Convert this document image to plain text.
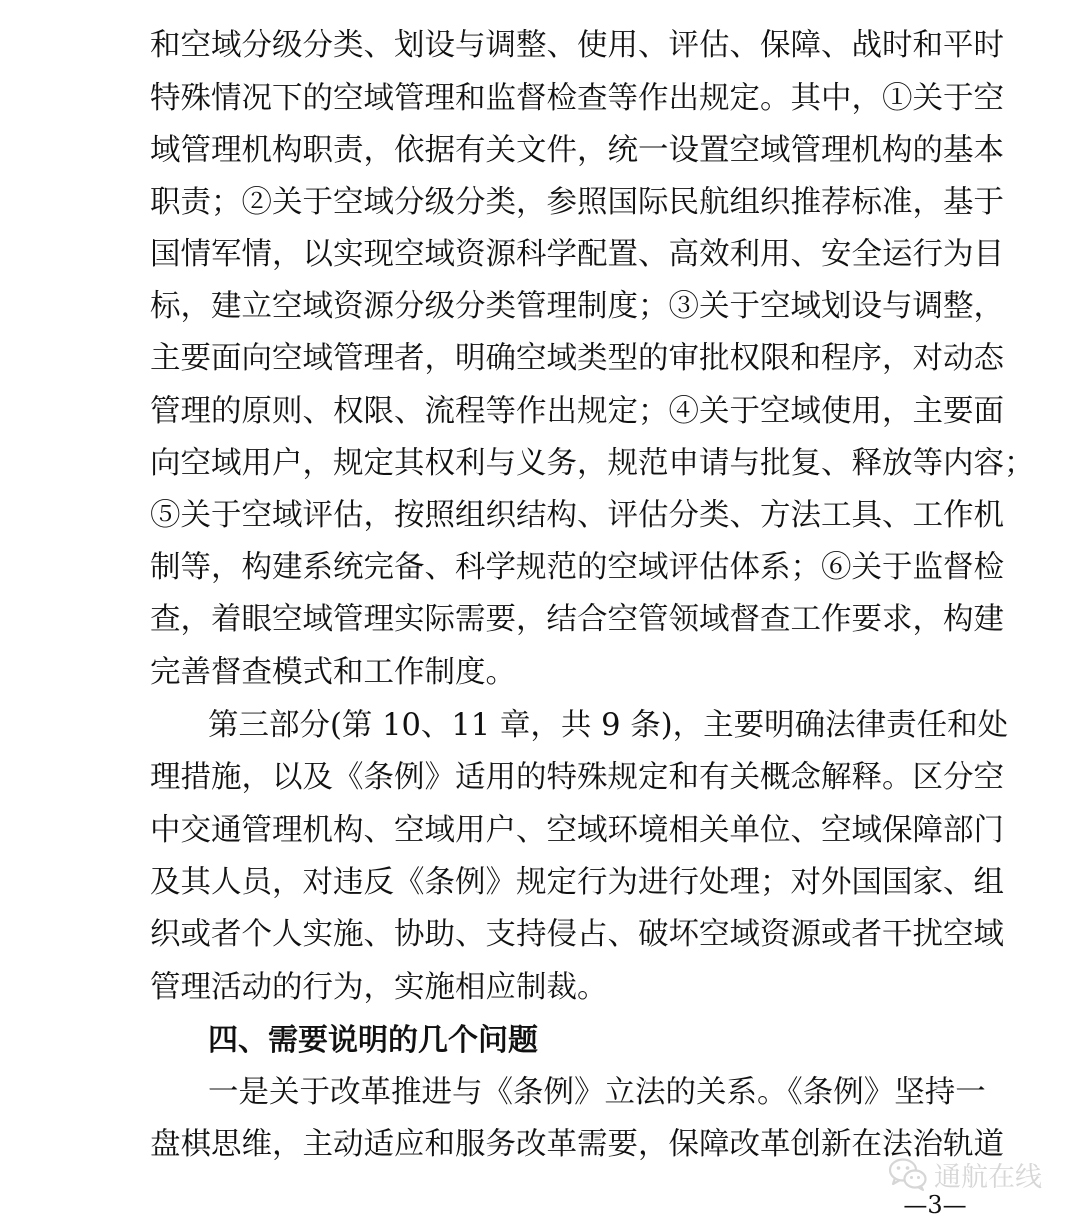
和空域分级分类、划设与调整、使用、评估、保障、战时和平时
特殊情况下的空域管理和监督检查等作出规定。其中，①关于空
域管理机构职责，依据有关文件，统一设置空域管理机构的基本
职责；②关于空域分级分类，参照国际民航组织推荐标准，基于
国情军情，以实现空域资源科学配置、高效利用、安全运行为目
标，建立空域资源分级分类管理制度；③关于空域划设与调整，
主要面向空域管理者，明确空域类型的审批权限和程序，对动态
管理的原则、权限、流程等作出规定；④关于空域使用，主要面
向空域用户，规定其权利与义务，规范申请与批复、释放等内容；
⑤关于空域评估，按照组织结构、评估分类、方法工具、工作机
制等，构建系统完备、科学规范的空域评估体系；⑥关于监督检
查，着眼空域管理实际需要，结合空管领域督查工作要求，构建
完善督查模式和工作制度。
第三部分(第 10、11 章，共 9 条)，主要明确法律责任和处
理措施，以及《条例》适用的特殊规定和有关概念解释。区分空
中交通管理机构、空域用户、空域环境相关单位、空域保障部门
及其人员，对违反《条例》规定行为进行处理；对外国国家、组
织或者个人实施、协助、支持侵占、破坏空域资源或者干扰空域
管理活动的行为，实施相应制裁。
四、需要说明的几个问题
一是关于改革推进与《条例》立法的关系。《条例》坚持一
盘棋思维，主动适应和服务改革需要，保障改革创新在法治轨道
通航在线
—3—
